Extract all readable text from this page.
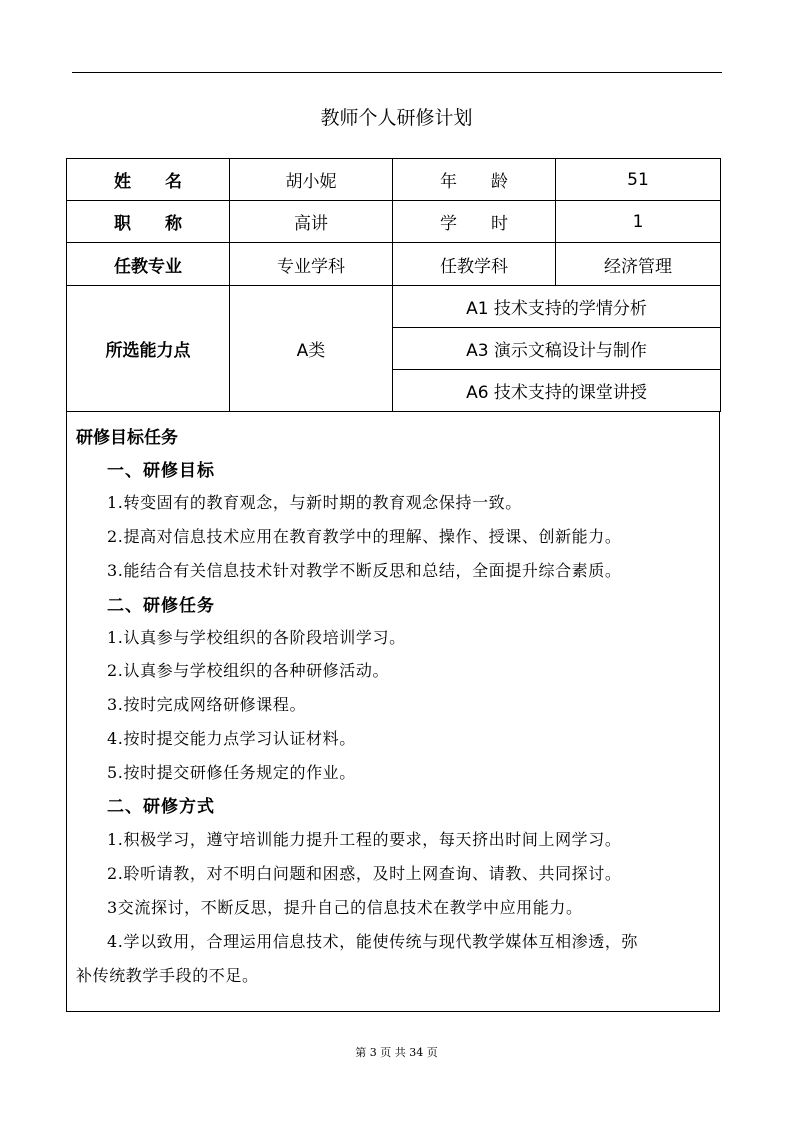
教师个人研修计划
姓　　名	胡小妮	年　　龄	51
职　　称	高讲	学　　时	1
任教专业	专业学科	任教学科	经济管理
所选能力点	A类	A1 技术支持的学情分析	
		A3 演示文稿设计与制作	
		A6 技术支持的课堂讲授	
研修目标任务
一、研修目标
1.转变固有的教育观念，与新时期的教育观念保持一致。
2.提高对信息技术应用在教育教学中的理解、操作、授课、创新能力。
3.能结合有关信息技术针对教学不断反思和总结，全面提升综合素质。
二、研修任务
1.认真参与学校组织的各阶段培训学习。
2.认真参与学校组织的各种研修活动。
3.按时完成网络研修课程。
4.按时提交能力点学习认证材料。
5.按时提交研修任务规定的作业。
二、研修方式
1.积极学习，遵守培训能力提升工程的要求，每天挤出时间上网学习。
2.聆听请教，对不明白问题和困惑，及时上网查询、请教、共同探讨。
3交流探讨，不断反思，提升自己的信息技术在教学中应用能力。
4.学以致用，合理运用信息技术，能使传统与现代教学媒体互相渗透，弥
补传统教学手段的不足。
第 3 页 共 34 页
